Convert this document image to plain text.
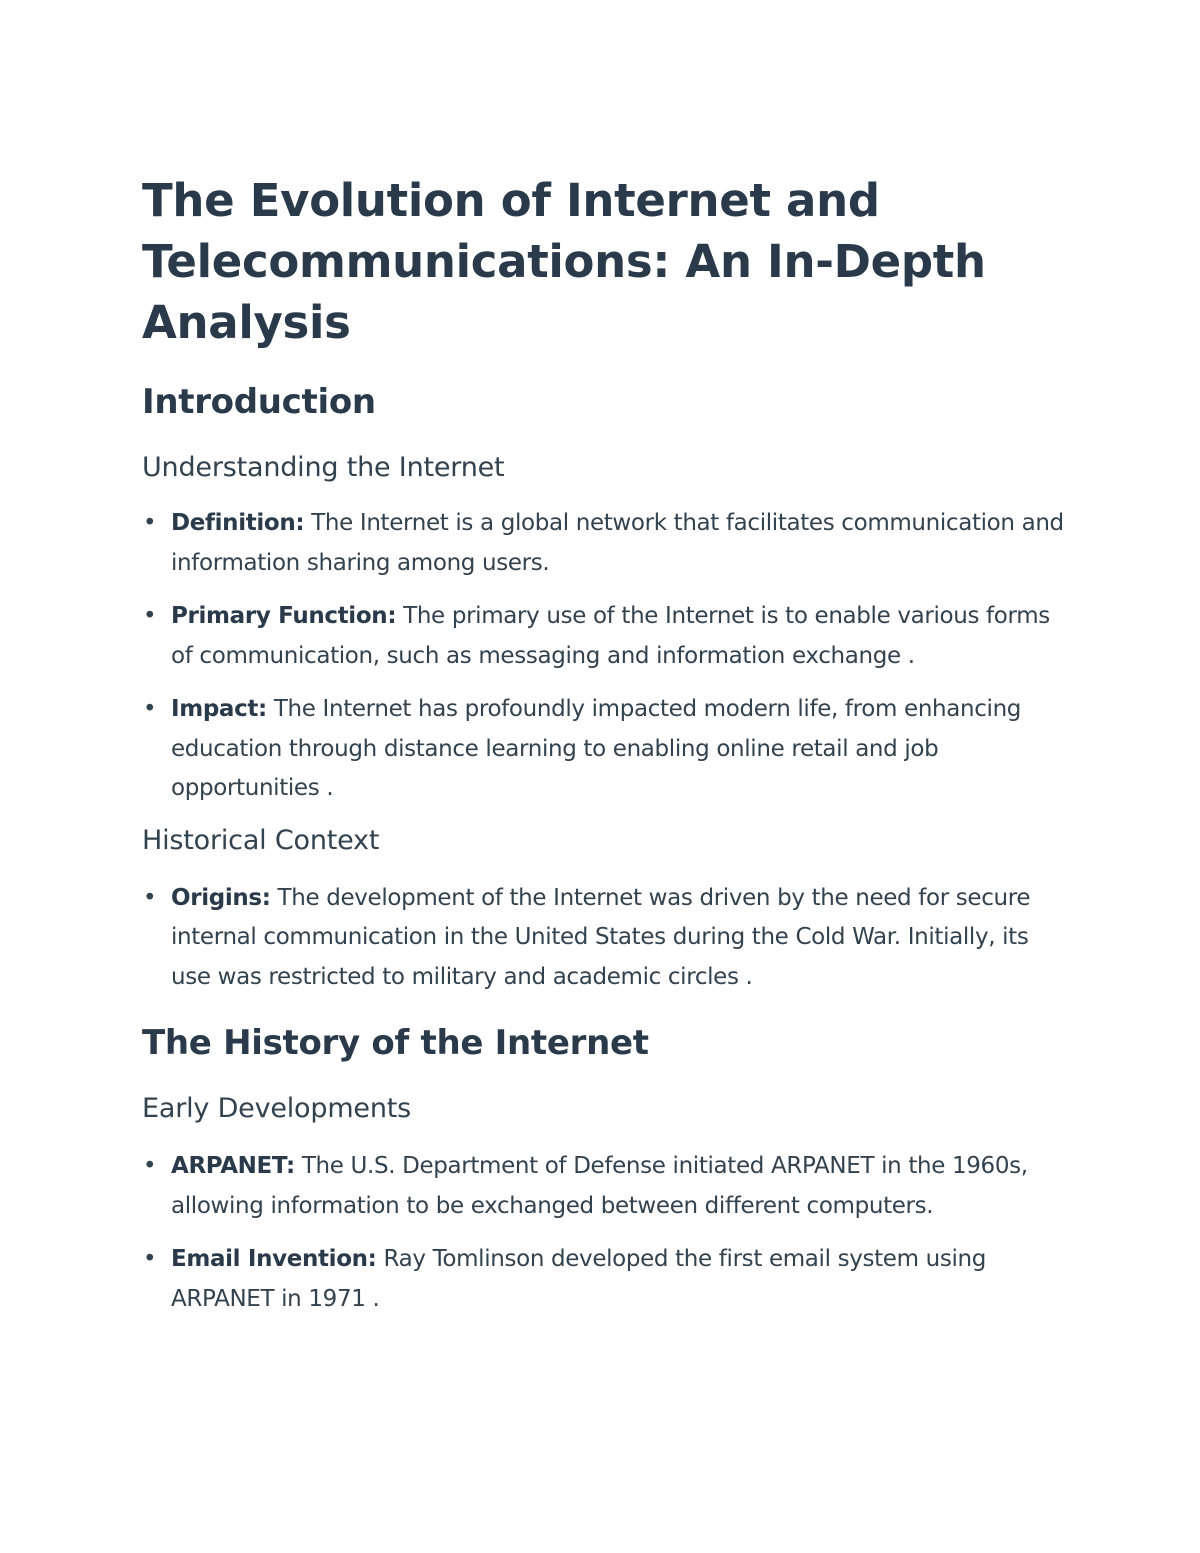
The Evolution of Internet and Telecommunications: An In-Depth Analysis
Introduction
Understanding the Internet
• Definition: The Internet is a global network that facilitates communication and information sharing among users.
• Primary Function: The primary use of the Internet is to enable various forms of communication, such as messaging and information exchange .
• Impact: The Internet has profoundly impacted modern life, from enhancing education through distance learning to enabling online retail and job opportunities .
Historical Context
• Origins: The development of the Internet was driven by the need for secure internal communication in the United States during the Cold War. Initially, its use was restricted to military and academic circles .
The History of the Internet
Early Developments
• ARPANET: The U.S. Department of Defense initiated ARPANET in the 1960s, allowing information to be exchanged between different computers.
• Email Invention: Ray Tomlinson developed the first email system using ARPANET in 1971 .
